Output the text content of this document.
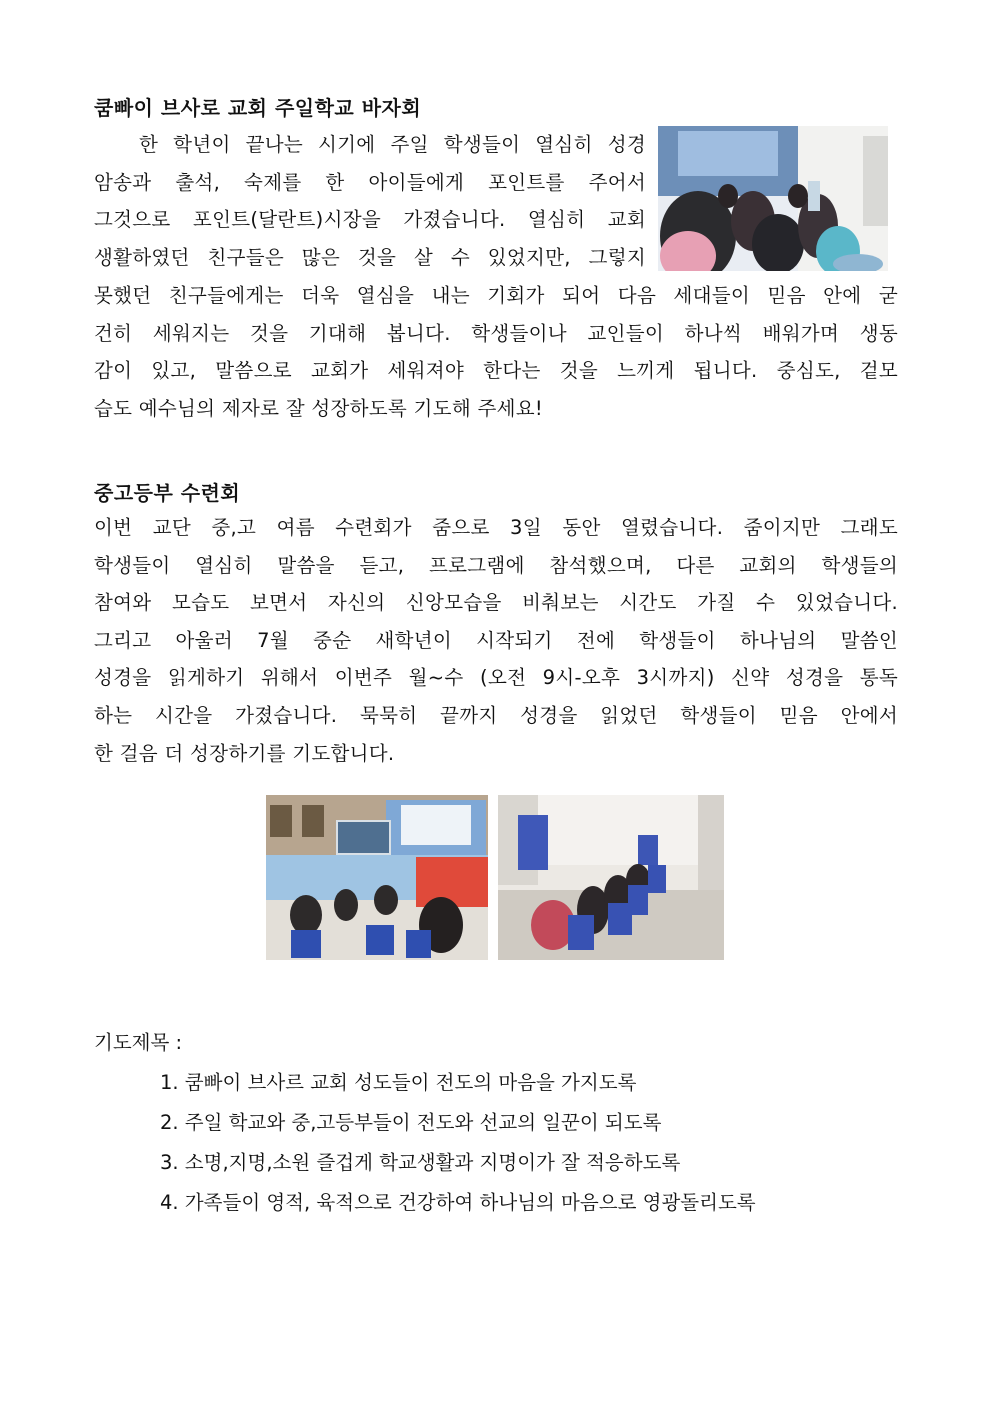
쿰빠이 브사로 교회 주일학교 바자회
한 학년이 끝나는 시기에 주일 학생들이 열심히 성경
암송과 출석, 숙제를 한 아이들에게 포인트를 주어서
그것으로 포인트(달란트)시장을 가졌습니다. 열심히 교회
생활하였던 친구들은 많은 것을 살 수 있었지만, 그렇지
못했던 친구들에게는 더욱 열심을 내는 기회가 되어 다음 세대들이 믿음 안에 굳
건히 세워지는 것을 기대해 봅니다. 학생들이나 교인들이 하나씩 배워가며 생동
감이 있고, 말씀으로 교회가 세워져야 한다는 것을 느끼게 됩니다. 중심도, 겉모
습도 예수님의 제자로 잘 성장하도록 기도해 주세요!
중고등부 수련회
이번 교단 중,고 여름 수련회가 줌으로 3일 동안 열렸습니다. 줌이지만 그래도
학생들이 열심히 말씀을 듣고, 프로그램에 참석했으며, 다른 교회의 학생들의
참여와 모습도 보면서 자신의 신앙모습을 비춰보는 시간도 가질 수 있었습니다.
그리고 아울러 7월 중순 새학년이 시작되기 전에 학생들이 하나님의 말씀인
성경을 읽게하기 위해서 이번주 월~수 (오전 9시-오후 3시까지) 신약 성경을 통독
하는 시간을 가졌습니다. 묵묵히 끝까지 성경을 읽었던 학생들이 믿음 안에서
한 걸음 더 성장하기를 기도합니다.
기도제목 :
1. 쿰빠이 브사르 교회 성도들이 전도의 마음을 가지도록
2. 주일 학교와 중,고등부들이 전도와 선교의 일꾼이 되도록
3. 소명,지명,소원 즐겁게 학교생활과 지명이가 잘 적응하도록
4. 가족들이 영적, 육적으로 건강하여 하나님의 마음으로 영광돌리도록
